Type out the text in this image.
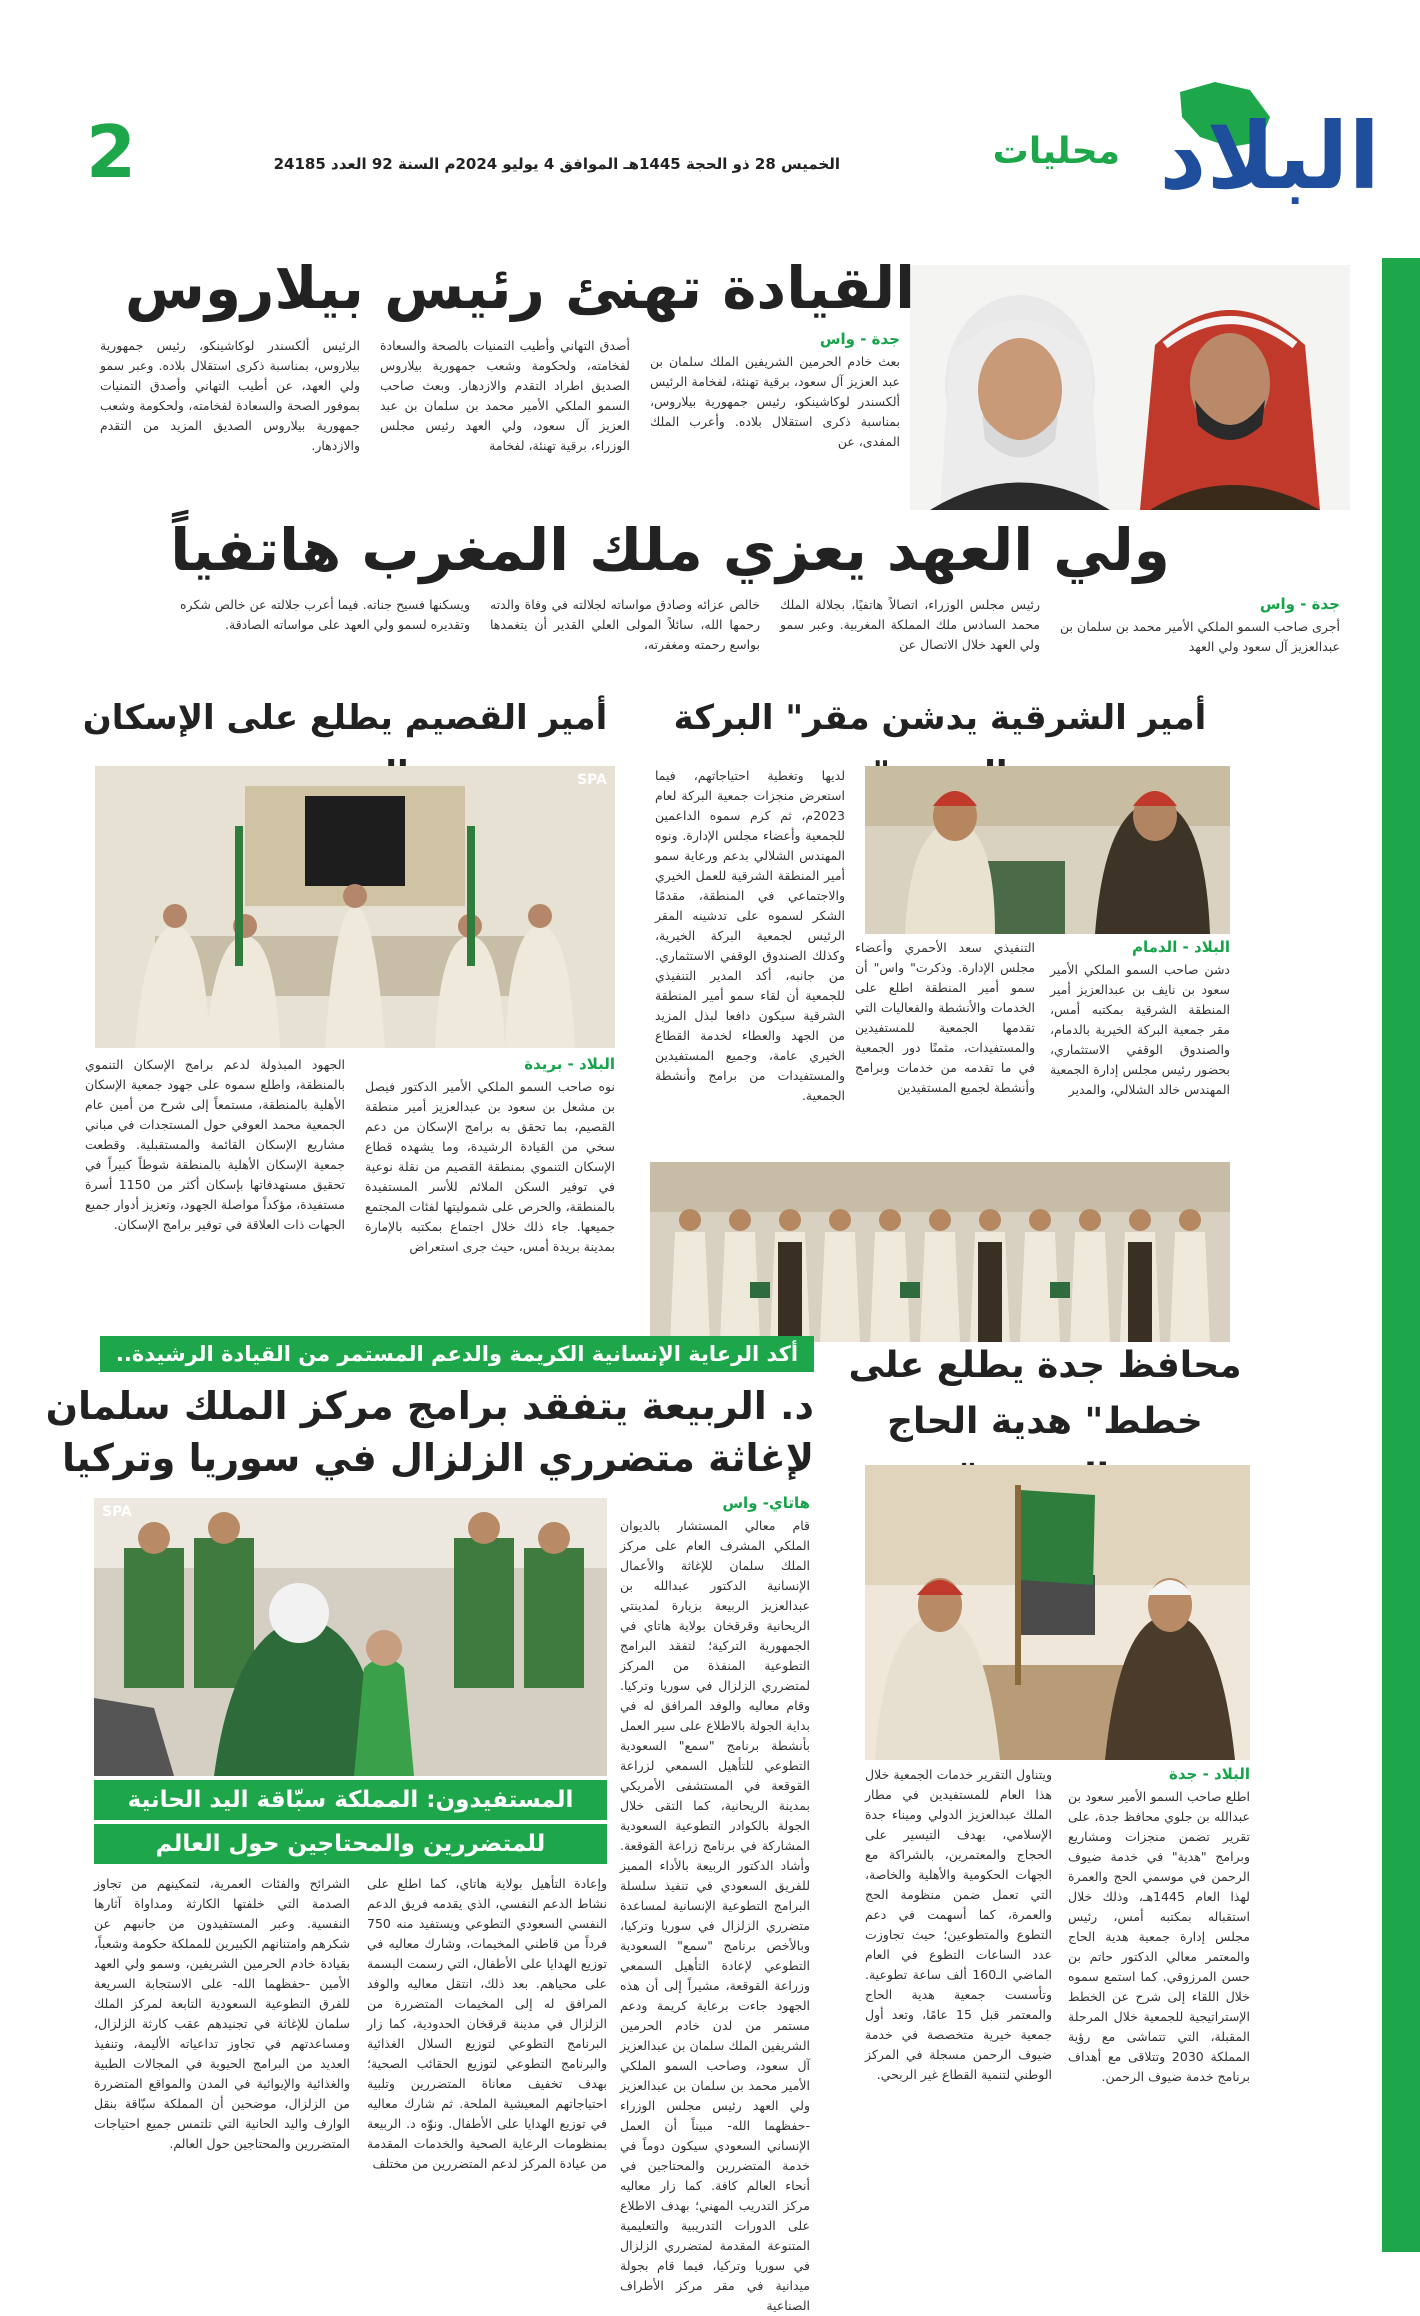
البلاد
محليات
الخميس 28 ذو الحجة 1445هـ الموافق 4 يوليو 2024م السنة 92 العدد 24185
2
القيادة تهنئ رئيس بيلاروس

جدة - واس

بعث خادم الحرمين الشريفين الملك سلمان بن عبد العزيز آل سعود، برقية تهنئة، لفخامة الرئيس ألكسندر لوكاشينكو، رئيس جمهورية بيلاروس، بمناسبة ذكرى استقلال بلاده. وأعرب الملك المفدى، عن

أصدق التهاني وأطيب التمنيات بالصحة والسعادة لفخامته، ولحكومة وشعب جمهورية بيلاروس الصديق اطراد التقدم والازدهار. وبعث صاحب السمو الملكي الأمير محمد بن سلمان بن عبد العزيز آل سعود، ولي العهد رئيس مجلس الوزراء، برقية تهنئة، لفخامة

الرئيس ألكسندر لوكاشينكو، رئيس جمهورية بيلاروس، بمناسبة ذكرى استقلال بلاده. وعبر سمو ولي العهد، عن أطيب التهاني وأصدق التمنيات بموفور الصحة والسعادة لفخامته، ولحكومة وشعب جمهورية بيلاروس الصديق المزيد من التقدم والازدهار.

ولي العهد يعزي ملك المغرب هاتفياً

جدة - واس

أجرى صاحب السمو الملكي الأمير محمد بن سلمان بن عبدالعزيز آل سعود ولي العهد

رئيس مجلس الوزراء، اتصالاً هاتفيًا، بجلالة الملك محمد السادس ملك المملكة المغربية. وعبر سمو ولي العهد خلال الاتصال عن

خالص عزائه وصادق مواساته لجلالته في وفاة والدته رحمها الله، سائلاً المولى العلي القدير أن يتغمدها بواسع رحمته ومغفرته،

ويسكنها فسيح جناته. فيما أعرب جلالته عن خالص شكره وتقديره لسمو ولي العهد على مواساته الصادقة.

أمير الشرقية يدشن مقر" البركة

البلاد - الدمام

دشن صاحب السمو الملكي الأمير سعود بن نايف بن عبدالعزيز أمير المنطقة الشرقية بمكتبه أمس، مقر جمعية البركة الخيرية بالدمام، والصندوق الوقفي الاستثماري، بحضور رئيس مجلس إدارة الجمعية المهندس خالد الشلالي، والمدير

التنفيذي سعد الأحمري وأعضاء مجلس الإدارة. وذكرت" واس" أن سمو أمير المنطقة اطلع على الخدمات والأنشطة والفعاليات التي تقدمها الجمعية للمستفيدين والمستفيدات، مثمنًا دور الجمعية في ما تقدمه من خدمات وبرامج وأنشطة لجميع المستفيدين

لديها وتغطية احتياجاتهم، فيما استعرض منجزات جمعية البركة لعام 2023م، ثم كرم سموه الداعمين للجمعية وأعضاء مجلس الإدارة. ونوه المهندس الشلالي بدعم ورعاية سمو أمير المنطقة الشرقية للعمل الخيري والاجتماعي في المنطقة، مقدمًا الشكر لسموه على تدشينه المقر الرئيس لجمعية البركة الخيرية، وكذلك الصندوق الوقفي الاستثماري. من جانبه، أكد المدير التنفيذي للجمعية أن لقاء سمو أمير المنطقة الشرقية سيكون دافعا لبذل المزيد من الجهد والعطاء لخدمة القطاع الخيري عامة، وجميع المستفيدين والمستفيدات من برامج وأنشطة الجمعية.

أمير القصيم يطلع على الإسكان
SPA

البلاد - بريدة

نوه صاحب السمو الملكي الأمير الدكتور فيصل بن مشعل بن سعود بن عبدالعزيز أمير منطقة القصيم، بما تحقق به برامج الإسكان من دعم سخي من القيادة الرشيدة، وما يشهده قطاع الإسكان التنموي بمنطقة القصيم من نقلة نوعية في توفير السكن الملائم للأسر المستفيدة بالمنطقة، والحرص على شموليتها لفئات المجتمع جميعها. جاء ذلك خلال اجتماع بمكتبه بالإمارة بمدينة بريدة أمس، حيث جرى استعراض

الجهود المبذولة لدعم برامج الإسكان التنموي بالمنطقة، واطلع سموه على جهود جمعية الإسكان الأهلية بالمنطقة، مستمعاً إلى شرح من أمين عام الجمعية محمد العوفي حول المستجدات في مباني مشاريع الإسكان القائمة والمستقبلية. وقطعت جمعية الإسكان الأهلية بالمنطقة شوطاً كبيراً في تحقيق مستهدفاتها بإسكان أكثر من 1150 أسرة مستفيدة، مؤكداً مواصلة الجهود، وتعزيز أدوار جميع الجهات ذات العلاقة في توفير برامج الإسكان.

محافظ جدة يطلع على خطط" هدية الحاج

البلاد - جدة

اطلع صاحب السمو الأمير سعود بن عبدالله بن جلوي محافظ جدة، على تقرير تضمن منجزات ومشاريع وبرامج "هدية" في خدمة ضيوف الرحمن في موسمي الحج والعمرة لهذا العام 1445هـ، وذلك خلال استقباله بمكتبه أمس، رئيس مجلس إدارة جمعية هدية الحاج والمعتمر معالي الدكتور حاتم بن حسن المرزوقي. كما استمع سموه خلال اللقاء إلى شرح عن الخطط الإستراتيجية للجمعية خلال المرحلة المقبلة، التي تتماشى مع رؤية المملكة 2030 وتتلاقى مع أهداف برنامج خدمة ضيوف الرحمن.

ويتناول التقرير خدمات الجمعية خلال هذا العام للمستفيدين في مطار الملك عبدالعزيز الدولي وميناء جدة الإسلامي، بهدف التيسير على الحجاج والمعتمرين، بالشراكة مع الجهات الحكومية والأهلية والخاصة، التي تعمل ضمن منظومة الحج والعمرة، كما أسهمت في دعم التطوع والمتطوعين؛ حيث تجاوزت عدد الساعات التطوع في العام الماضي الـ160 ألف ساعة تطوعية. وتأسست جمعية هدية الحاج والمعتمر قبل 15 عامًا، وتعد أول جمعية خيرية متخصصة في خدمة ضيوف الرحمن مسجلة في المركز الوطني لتنمية القطاع غير الربحي.

أكد الرعاية الإنسانية الكريمة والدعم المستمر من القيادة الرشيدة..
د. الربيعة يتفقد برامج مركز الملك سلمان
لإغاثة متضرري الزلزال في سوريا وتركيا

هاتاي- واس

قام معالي المستشار بالديوان الملكي المشرف العام على مركز الملك سلمان للإغاثة والأعمال الإنسانية الدكتور عبدالله بن عبدالعزيز الربيعة بزيارة لمدينتي الريحانية وقرقخان بولاية هاتاي في الجمهورية التركية؛ لتفقد البرامج التطوعية المنفذة من المركز لمتضرري الزلزال في سوريا وتركيا. وقام معاليه والوفد المرافق له في بداية الجولة بالاطلاع على سير العمل بأنشطة برنامج "سمع" السعودية التطوعي للتأهيل السمعي لزراعة القوقعة في المستشفى الأمريكي بمدينة الريحانية، كما التقى خلال الجولة بالكوادر التطوعية السعودية المشاركة في برنامج زراعة القوقعة. وأشاد الدكتور الربيعة بالأداء المميز للفريق السعودي في تنفيذ سلسلة البرامج التطوعية الإنسانية لمساعدة متضرري الزلزال في سوريا وتركيا، وبالأخص برنامج "سمع" السعودية التطوعي لإعادة التأهيل السمعي وزراعة القوقعة، مشيراً إلى أن هذه الجهود جاءت برعاية كريمة ودعم مستمر من لدن خادم الحرمين الشريفين الملك سلمان بن عبدالعزيز آل سعود، وصاحب السمو الملكي الأمير محمد بن سلمان بن عبدالعزيز ولي العهد رئيس مجلس الوزراء -حفظهما الله- مبيناً أن العمل الإنساني السعودي سيكون دوماً في خدمة المتضررين والمحتاجين في أنحاء العالم كافة. كما زار معاليه مركز التدريب المهني؛ بهدف الاطلاع على الدورات التدريبية والتعليمية المتنوعة المقدمة لمتضرري الزلزال في سوريا وتركيا، فيما قام بجولة ميدانية في مقر مركز الأطراف الصناعية

SPA
المستفيدون: المملكة سبّاقة اليد الحانية
للمتضررين والمحتاجين حول العالم

وإعادة التأهيل بولاية هاتاي، كما اطلع على نشاط الدعم النفسي، الذي يقدمه فريق الدعم النفسي السعودي التطوعي ويستفيد منه 750 فرداً من قاطني المخيمات، وشارك معاليه في توزيع الهدايا على الأطفال، التي رسمت البسمة على محياهم. بعد ذلك، انتقل معاليه والوفد المرافق له إلى المخيمات المتضررة من الزلزال في مدينة قرقخان الحدودية، كما زار البرنامج التطوعي لتوزيع السلال الغذائية والبرنامج التطوعي لتوزيع الحقائب الصحية؛ بهدف تخفيف معاناة المتضررين وتلبية احتياجاتهم المعيشية الملحة. ثم شارك معاليه في توزيع الهدايا على الأطفال. ونوّه د. الربيعة بمنظومات الرعاية الصحية والخدمات المقدمة من عيادة المركز لدعم المتضررين من مختلف

الشرائح والفئات العمرية، لتمكينهم من تجاوز الصدمة التي خلفتها الكارثة ومداواة آثارها النفسية. وعبر المستفيدون من جانبهم عن شكرهم وامتنانهم الكبيرين للمملكة حكومة وشعباً، بقيادة خادم الحرمين الشريفين، وسمو ولي العهد الأمين -حفظهما الله- على الاستجابة السريعة للفرق التطوعية السعودية التابعة لمركز الملك سلمان للإغاثة في تجنيدهم عقب كارثة الزلزال، ومساعدتهم في تجاوز تداعياته الأليمة، وتنفيذ العديد من البرامج الحيوية في المجالات الطبية والغذائية والإيوائية في المدن والمواقع المتضررة من الزلزال، موضحين أن المملكة سبّاقة بنقل الوارف واليد الحانية التي تلتمس جميع احتياجات المتضررين والمحتاجين حول العالم.
